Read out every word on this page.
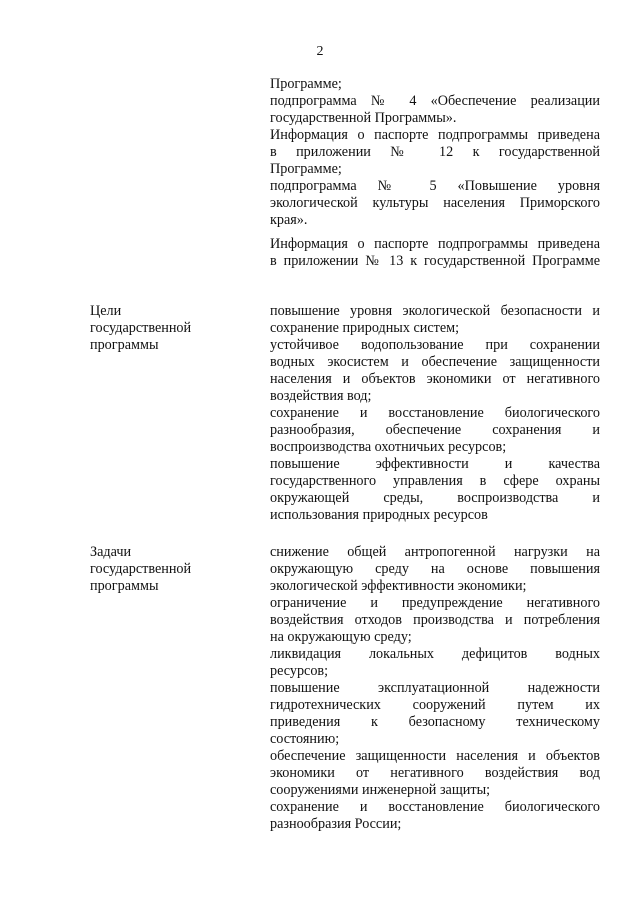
2
Программе;
подпрограмма № 4 «Обеспечение реализации
государственной Программы».
Информация о паспорте подпрограммы приведена
в приложении № 12 к государственной
Программе;
подпрограмма № 5 «Повышение уровня
экологической культуры населения Приморского
края».
Информация о паспорте подпрограммы приведена
в приложении № 13 к государственной Программе
Цели
государственной
программы
повышение уровня экологической безопасности и
сохранение природных систем;
устойчивое водопользование при сохранении
водных экосистем и обеспечение защищенности
населения и объектов экономики от негативного
воздействия вод;
сохранение и восстановление биологического
разнообразия, обеспечение сохранения и
воспроизводства охотничьих ресурсов;
повышение эффективности и качества
государственного управления в сфере охраны
окружающей среды, воспроизводства и
использования природных ресурсов
Задачи
государственной
программы
снижение общей антропогенной нагрузки на
окружающую среду на основе повышения
экологической эффективности экономики;
ограничение и предупреждение негативного
воздействия отходов производства и потребления
на окружающую среду;
ликвидация локальных дефицитов водных
ресурсов;
повышение эксплуатационной надежности
гидротехнических сооружений путем их
приведения к безопасному техническому
состоянию;
обеспечение защищенности населения и объектов
экономики от негативного воздействия вод
сооружениями инженерной защиты;
сохранение и восстановление биологического
разнообразия России;
